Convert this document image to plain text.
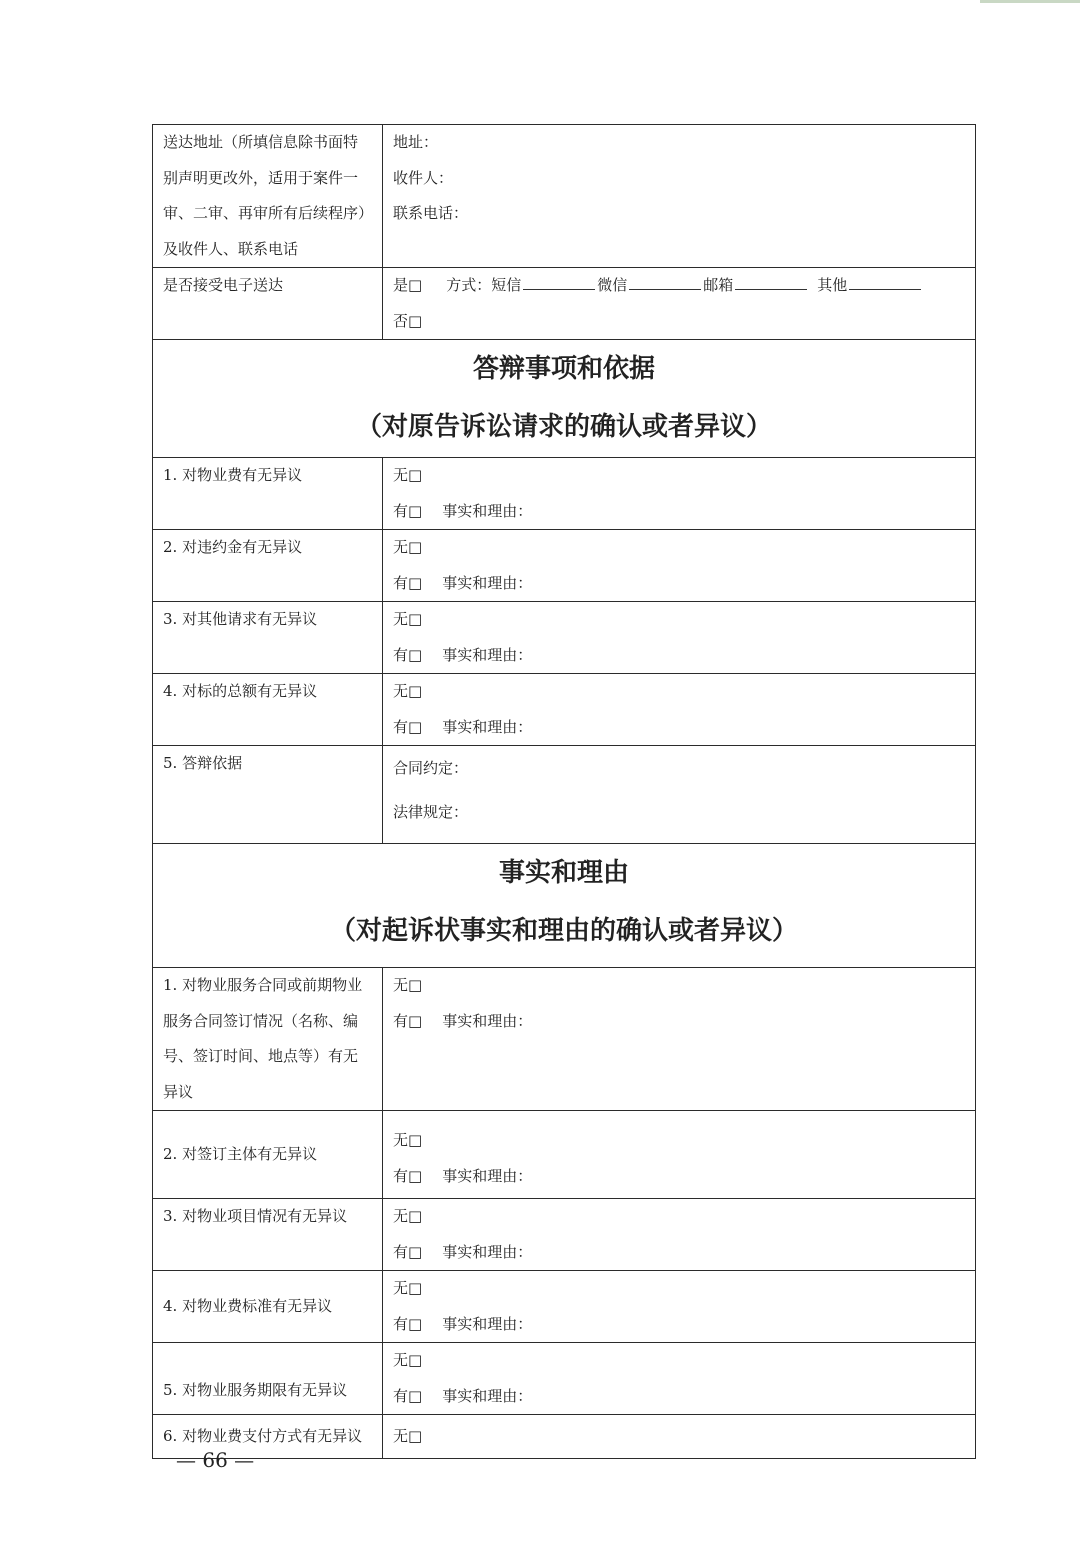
送达地址（所填信息除书面特别声明更改外，适用于案件一审、二审、再审所有后续程序）及收件人、联系电话	地址：
收件人：
联系电话：

是否接受电子送达	是□ 方式：短信 微信 邮箱 其他
否□

答辩事项和依据
（对原告诉讼请求的确认或者异议）	

1. 对物业费有无异议	无□
有□ 事实和理由：

2. 对违约金有无异议	无□
有□ 事实和理由：

3. 对其他请求有无异议	无□
有□ 事实和理由：

4. 对标的总额有无异议	无□
有□ 事实和理由：

5. 答辩依据	合同约定：
法律规定：

事实和理由
（对起诉状事实和理由的确认或者异议）	

1. 对物业服务合同或前期物业服务合同签订情况（名称、编号、签订时间、地点等）有无异议	无□
有□ 事实和理由：

2. 对签订主体有无异议	无□
有□ 事实和理由：

3. 对物业项目情况有无异议	无□
有□ 事实和理由：

4. 对物业费标准有无异议	无□
有□ 事实和理由：

5. 对物业服务期限有无异议	无□
有□ 事实和理由：

6. 对物业费支付方式有无异议	无□
— 66 —
